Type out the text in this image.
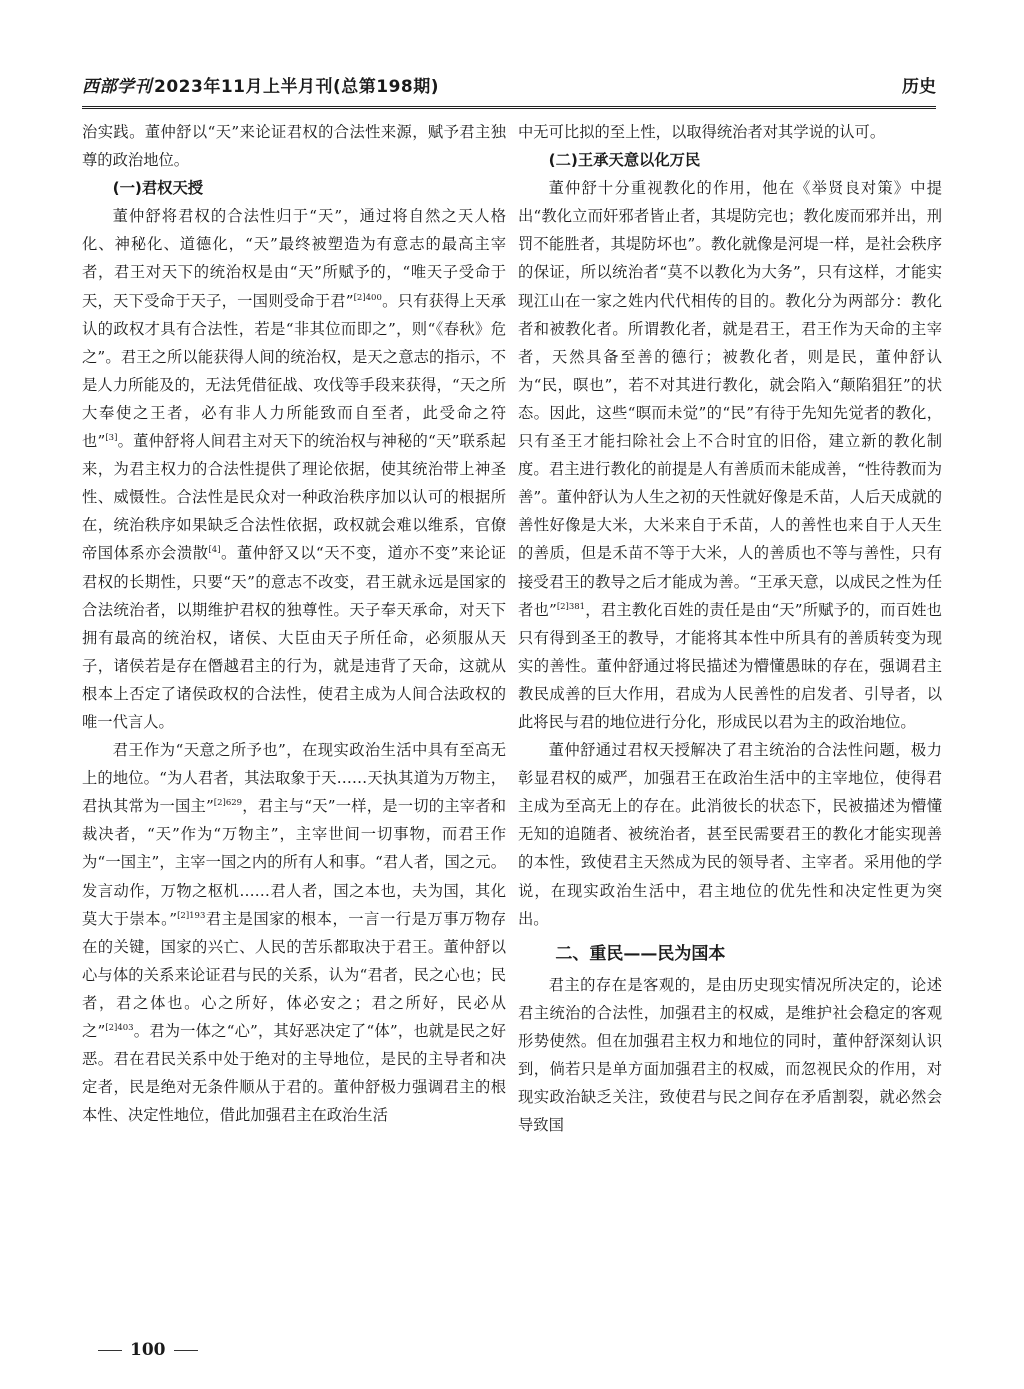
西部学刊 2023年11月上半月刊(总第198期)	历史

治实践。董仲舒以“天”来论证君权的合法性来源，赋予君主独尊的政治地位。

(一)君权天授

董仲舒将君权的合法性归于“天”，通过将自然之天人格化、神秘化、道德化，“天”最终被塑造为有意志的最高主宰者，君王对天下的统治权是由“天”所赋予的，“唯天子受命于天，天下受命于天子，一国则受命于君”$^{[2]400}$。只有获得上天承认的政权才具有合法性，若是“非其位而即之”，则“《春秋》危之”。君王之所以能获得人间的统治权，是天之意志的指示，不是人力所能及的，无法凭借征战、攻伐等手段来获得，“天之所大奉使之王者，必有非人力所能致而自至者，此受命之符也”[3]。董仲舒将人间君主对天下的统治权与神秘的“天”联系起来，为君主权力的合法性提供了理论依据，使其统治带上神圣性、威慑性。合法性是民众对一种政治秩序加以认可的根据所在，统治秩序如果缺乏合法性依据，政权就会难以维系，官僚帝国体系亦会溃散[4]。董仲舒又以“天不变，道亦不变”来论证君权的长期性，只要“天”的意志不改变，君王就永远是国家的合法统治者，以期维护君权的独尊性。天子奉天承命，对天下拥有最高的统治权，诸侯、大臣由天子所任命，必须服从天子，诸侯若是存在僭越君主的行为，就是违背了天命，这就从根本上否定了诸侯政权的合法性，使君主成为人间合法政权的唯一代言人。

君王作为“天意之所予也”，在现实政治生活中具有至高无上的地位。“为人君者，其法取象于天……天执其道为万物主，君执其常为一国主”$^{[2]629}$，君主与“天”一样，是一切的主宰者和裁决者，“天”作为“万物主”，主宰世间一切事物，而君王作为“一国主”，主宰一国之内的所有人和事。“君人者，国之元。发言动作，万物之枢机……君人者，国之本也，夫为国，其化莫大于崇本。”$^{[2]193}$君主是国家的根本，一言一行是万事万物存在的关键，国家的兴亡、人民的苦乐都取决于君王。董仲舒以心与体的关系来论证君与民的关系，认为“君者，民之心也；民者，君之体也。心之所好，体必安之；君之所好，民必从之”$^{[2]403}$。君为一体之“心”，其好恶决定了“体”，也就是民之好恶。君在君民关系中处于绝对的主导地位，是民的主导者和决定者，民是绝对无条件顺从于君的。董仲舒极力强调君主的根本性、决定性地位，借此加强君主在政治生活

中无可比拟的至上性，以取得统治者对其学说的认可。

(二)王承天意以化万民

董仲舒十分重视教化的作用，他在《举贤良对策》中提出“教化立而奸邪者皆止者，其堤防完也；教化废而邪并出，刑罚不能胜者，其堤防坏也”。教化就像是河堤一样，是社会秩序的保证，所以统治者“莫不以教化为大务”，只有这样，才能实现江山在一家之姓内代代相传的目的。教化分为两部分：教化者和被教化者。所谓教化者，就是君王，君王作为天命的主宰者，天然具备至善的德行；被教化者，则是民，董仲舒认为“民，暝也”，若不对其进行教化，就会陷入“颠陷猖狂”的状态。因此，这些“暝而未觉”的“民”有待于先知先觉者的教化，只有圣王才能扫除社会上不合时宜的旧俗，建立新的教化制度。君主进行教化的前提是人有善质而未能成善，“性待教而为善”。董仲舒认为人生之初的天性就好像是禾苗，人后天成就的善性好像是大米，大米来自于禾苗，人的善性也来自于人天生的善质，但是禾苗不等于大米，人的善质也不等与善性，只有接受君王的教导之后才能成为善。“王承天意，以成民之性为任者也”$^{[2]381}$，君主教化百姓的责任是由“天”所赋予的，而百姓也只有得到圣王的教导，才能将其本性中所具有的善质转变为现实的善性。董仲舒通过将民描述为懵懂愚昧的存在，强调君主教民成善的巨大作用，君成为人民善性的启发者、引导者，以此将民与君的地位进行分化，形成民以君为主的政治地位。

董仲舒通过君权天授解决了君主统治的合法性问题，极力彰显君权的威严，加强君王在政治生活中的主宰地位，使得君主成为至高无上的存在。此消彼长的状态下，民被描述为懵懂无知的追随者、被统治者，甚至民需要君王的教化才能实现善的本性，致使君主天然成为民的领导者、主宰者。采用他的学说，在现实政治生活中，君主地位的优先性和决定性更为突出。

二、重民——民为国本

君主的存在是客观的，是由历史现实情况所决定的，论述君主统治的合法性，加强君主的权威，是维护社会稳定的客观形势使然。但在加强君主权力和地位的同时，董仲舒深刻认识到，倘若只是单方面加强君主的权威，而忽视民众的作用，对现实政治缺乏关注，致使君与民之间存在矛盾割裂，就必然会导致国

100
